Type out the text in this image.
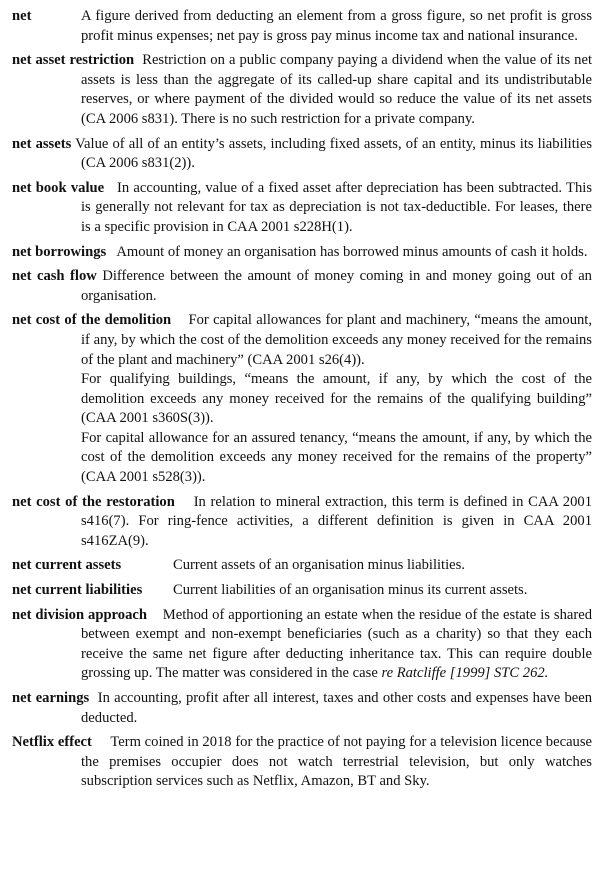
net	A figure derived from deducting an element from a gross figure, so net profit is gross profit minus expenses; net pay is gross pay minus income tax and national insurance.
net asset restriction Restriction on a public company paying a dividend when the value of its net assets is less than the aggregate of its called-up share capital and its undistributable reserves, or where payment of the divided would so reduce the value of its net assets (CA 2006 s831). There is no such restriction for a private company.
net assets Value of all of an entity’s assets, including fixed assets, of an entity, minus its liabilities (CA 2006 s831(2)).
net book value In accounting, value of a fixed asset after depreciation has been subtracted. This is generally not relevant for tax as depreciation is not tax-deductible. For leases, there is a specific provision in CAA 2001 s228H(1).
net borrowings Amount of money an organisation has borrowed minus amounts of cash it holds.
net cash flow Difference between the amount of money coming in and money going out of an organisation.
net cost of the demolition For capital allowances for plant and machinery, “means the amount, if any, by which the cost of the demolition exceeds any money received for the remains of the plant and machinery” (CAA 2001 s26(4)).
For qualifying buildings, “means the amount, if any, by which the cost of the demolition exceeds any money received for the remains of the qualifying building” (CAA 2001 s360S(3)).
For capital allowance for an assured tenancy, “means the amount, if any, by which the cost of the demolition exceeds any money received for the remains of the property” (CAA 2001 s528(3)).
net cost of the restoration In relation to mineral extraction, this term is defined in CAA 2001 s416(7). For ring-fence activities, a different definition is given in CAA 2001 s416ZA(9).
net current assets	Current assets of an organisation minus liabilities.
net current liabilities Current liabilities of an organisation minus its current assets.
net division approach Method of apportioning an estate when the residue of the estate is shared between exempt and non-exempt beneficiaries (such as a charity) so that they each receive the same net figure after deducting inheritance tax. This can require double grossing up. The matter was considered in the case re Ratcliffe [1999] STC 262.
net earnings In accounting, profit after all interest, taxes and other costs and expenses have been deducted.
Netflix effect Term coined in 2018 for the practice of not paying for a television licence because the premises occupier does not watch terrestrial television, but only watches subscription services such as Netflix, Amazon, BT and Sky.
